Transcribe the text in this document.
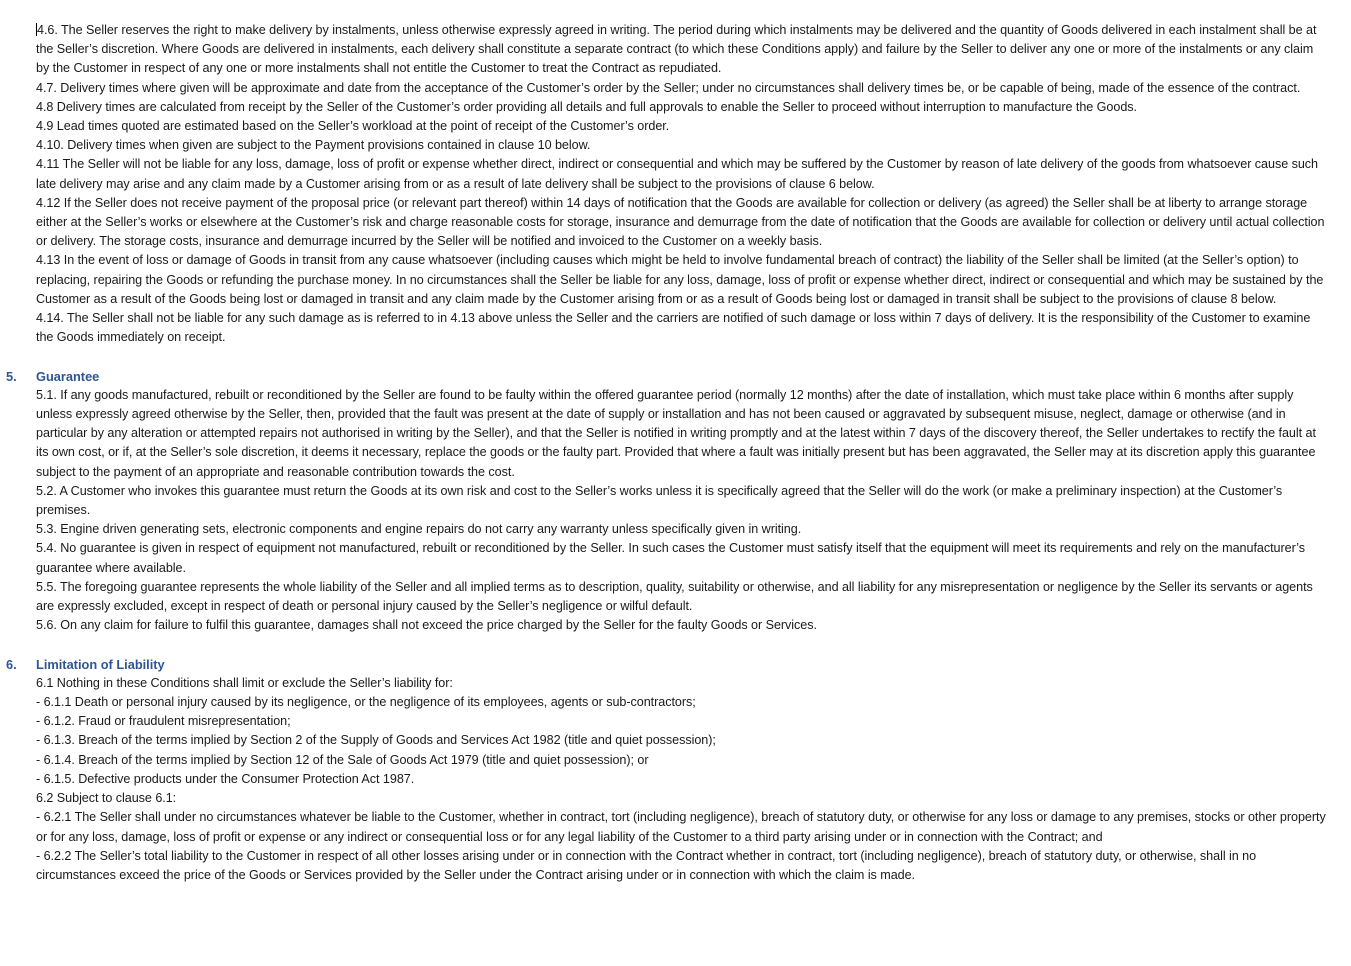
4.6. The Seller reserves the right to make delivery by instalments, unless otherwise expressly agreed in writing. The period during which instalments may be delivered and the quantity of Goods delivered in each instalment shall be at the Seller’s discretion. Where Goods are delivered in instalments, each delivery shall constitute a separate contract (to which these Conditions apply) and failure by the Seller to deliver any one or more of the instalments or any claim by the Customer in respect of any one or more instalments shall not entitle the Customer to treat the Contract as repudiated.

4.7. Delivery times where given will be approximate and date from the acceptance of the Customer’s order by the Seller; under no circumstances shall delivery times be, or be capable of being, made of the essence of the contract.

4.8 Delivery times are calculated from receipt by the Seller of the Customer’s order providing all details and full approvals to enable the Seller to proceed without interruption to manufacture the Goods.

4.9 Lead times quoted are estimated based on the Seller’s workload at the point of receipt of the Customer’s order.

4.10. Delivery times when given are subject to the Payment provisions contained in clause 10 below.

4.11 The Seller will not be liable for any loss, damage, loss of profit or expense whether direct, indirect or consequential and which may be suffered by the Customer by reason of late delivery of the goods from whatsoever cause such late delivery may arise and any claim made by a Customer arising from or as a result of late delivery shall be subject to the provisions of clause 6 below.

4.12 If the Seller does not receive payment of the proposal price (or relevant part thereof) within 14 days of notification that the Goods are available for collection or delivery (as agreed) the Seller shall be at liberty to arrange storage either at the Seller’s works or elsewhere at the Customer’s risk and charge reasonable costs for storage, insurance and demurrage from the date of notification that the Goods are available for collection or delivery until actual collection or delivery. The storage costs, insurance and demurrage incurred by the Seller will be notified and invoiced to the Customer on a weekly basis.

4.13 In the event of loss or damage of Goods in transit from any cause whatsoever (including causes which might be held to involve fundamental breach of contract) the liability of the Seller shall be limited (at the Seller’s option) to replacing, repairing the Goods or refunding the purchase money. In no circumstances shall the Seller be liable for any loss, damage, loss of profit or expense whether direct, indirect or consequential and which may be sustained by the Customer as a result of the Goods being lost or damaged in transit and any claim made by the Customer arising from or as a result of Goods being lost or damaged in transit shall be subject to the provisions of clause 8 below.

4.14. The Seller shall not be liable for any such damage as is referred to in 4.13 above unless the Seller and the carriers are notified of such damage or loss within 7 days of delivery. It is the responsibility of the Customer to examine the Goods immediately on receipt.

5. Guarantee

5.1. If any goods manufactured, rebuilt or reconditioned by the Seller are found to be faulty within the offered guarantee period (normally 12 months) after the date of installation, which must take place within 6 months after supply unless expressly agreed otherwise by the Seller, then, provided that the fault was present at the date of supply or installation and has not been caused or aggravated by subsequent misuse, neglect, damage or otherwise (and in particular by any alteration or attempted repairs not authorised in writing by the Seller), and that the Seller is notified in writing promptly and at the latest within 7 days of the discovery thereof, the Seller undertakes to rectify the fault at its own cost, or if, at the Seller’s sole discretion, it deems it necessary, replace the goods or the faulty part. Provided that where a fault was initially present but has been aggravated, the Seller may at its discretion apply this guarantee subject to the payment of an appropriate and reasonable contribution towards the cost.

5.2. A Customer who invokes this guarantee must return the Goods at its own risk and cost to the Seller’s works unless it is specifically agreed that the Seller will do the work (or make a preliminary inspection) at the Customer’s premises.

5.3. Engine driven generating sets, electronic components and engine repairs do not carry any warranty unless specifically given in writing.

5.4. No guarantee is given in respect of equipment not manufactured, rebuilt or reconditioned by the Seller. In such cases the Customer must satisfy itself that the equipment will meet its requirements and rely on the manufacturer’s guarantee where available.

5.5. The foregoing guarantee represents the whole liability of the Seller and all implied terms as to description, quality, suitability or otherwise, and all liability for any misrepresentation or negligence by the Seller its servants or agents are expressly excluded, except in respect of death or personal injury caused by the Seller’s negligence or wilful default.

5.6. On any claim for failure to fulfil this guarantee, damages shall not exceed the price charged by the Seller for the faulty Goods or Services.

6. Limitation of Liability

6.1 Nothing in these Conditions shall limit or exclude the Seller’s liability for:

- 6.1.1 Death or personal injury caused by its negligence, or the negligence of its employees, agents or sub-contractors;

- 6.1.2. Fraud or fraudulent misrepresentation;

- 6.1.3. Breach of the terms implied by Section 2 of the Supply of Goods and Services Act 1982 (title and quiet possession);

- 6.1.4. Breach of the terms implied by Section 12 of the Sale of Goods Act 1979 (title and quiet possession); or

- 6.1.5. Defective products under the Consumer Protection Act 1987.

6.2 Subject to clause 6.1:

- 6.2.1 The Seller shall under no circumstances whatever be liable to the Customer, whether in contract, tort (including negligence), breach of statutory duty, or otherwise for any loss or damage to any premises, stocks or other property or for any loss, damage, loss of profit or expense or any indirect or consequential loss or for any legal liability of the Customer to a third party arising under or in connection with the Contract; and

- 6.2.2 The Seller’s total liability to the Customer in respect of all other losses arising under or in connection with the Contract whether in contract, tort (including negligence), breach of statutory duty, or otherwise, shall in no circumstances exceed the price of the Goods or Services provided by the Seller under the Contract arising under or in connection with which the claim is made.
